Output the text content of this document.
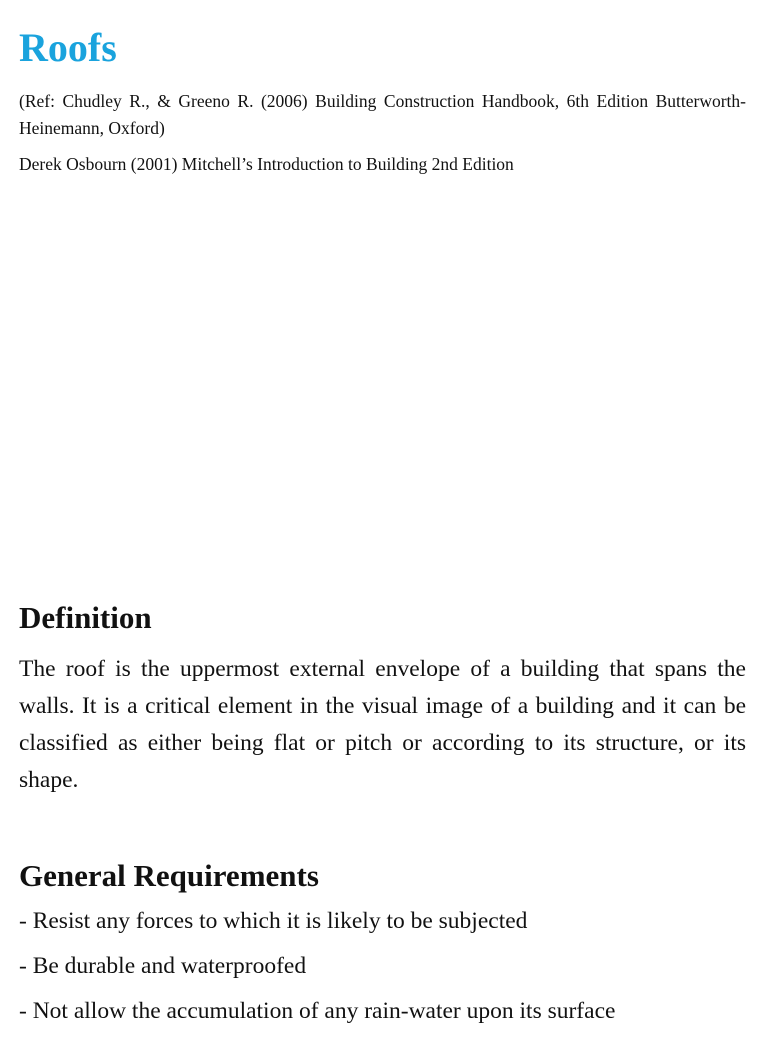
Roofs

(Ref: Chudley R., & Greeno R. (2006) Building Construction Handbook, 6th Edition Butterworth-Heinemann, Oxford)

Derek Osbourn (2001) Mitchell’s Introduction to Building 2nd Edition

Definition

The roof is the uppermost external envelope of a building that spans the walls. It is a critical element in the visual image of a building and it can be classified as either being flat or pitch or according to its structure, or its shape.

General Requirements
- Resist any forces to which it is likely to be subjected
- Be durable and waterproofed
- Not allow the accumulation of any rain-water upon its surface
